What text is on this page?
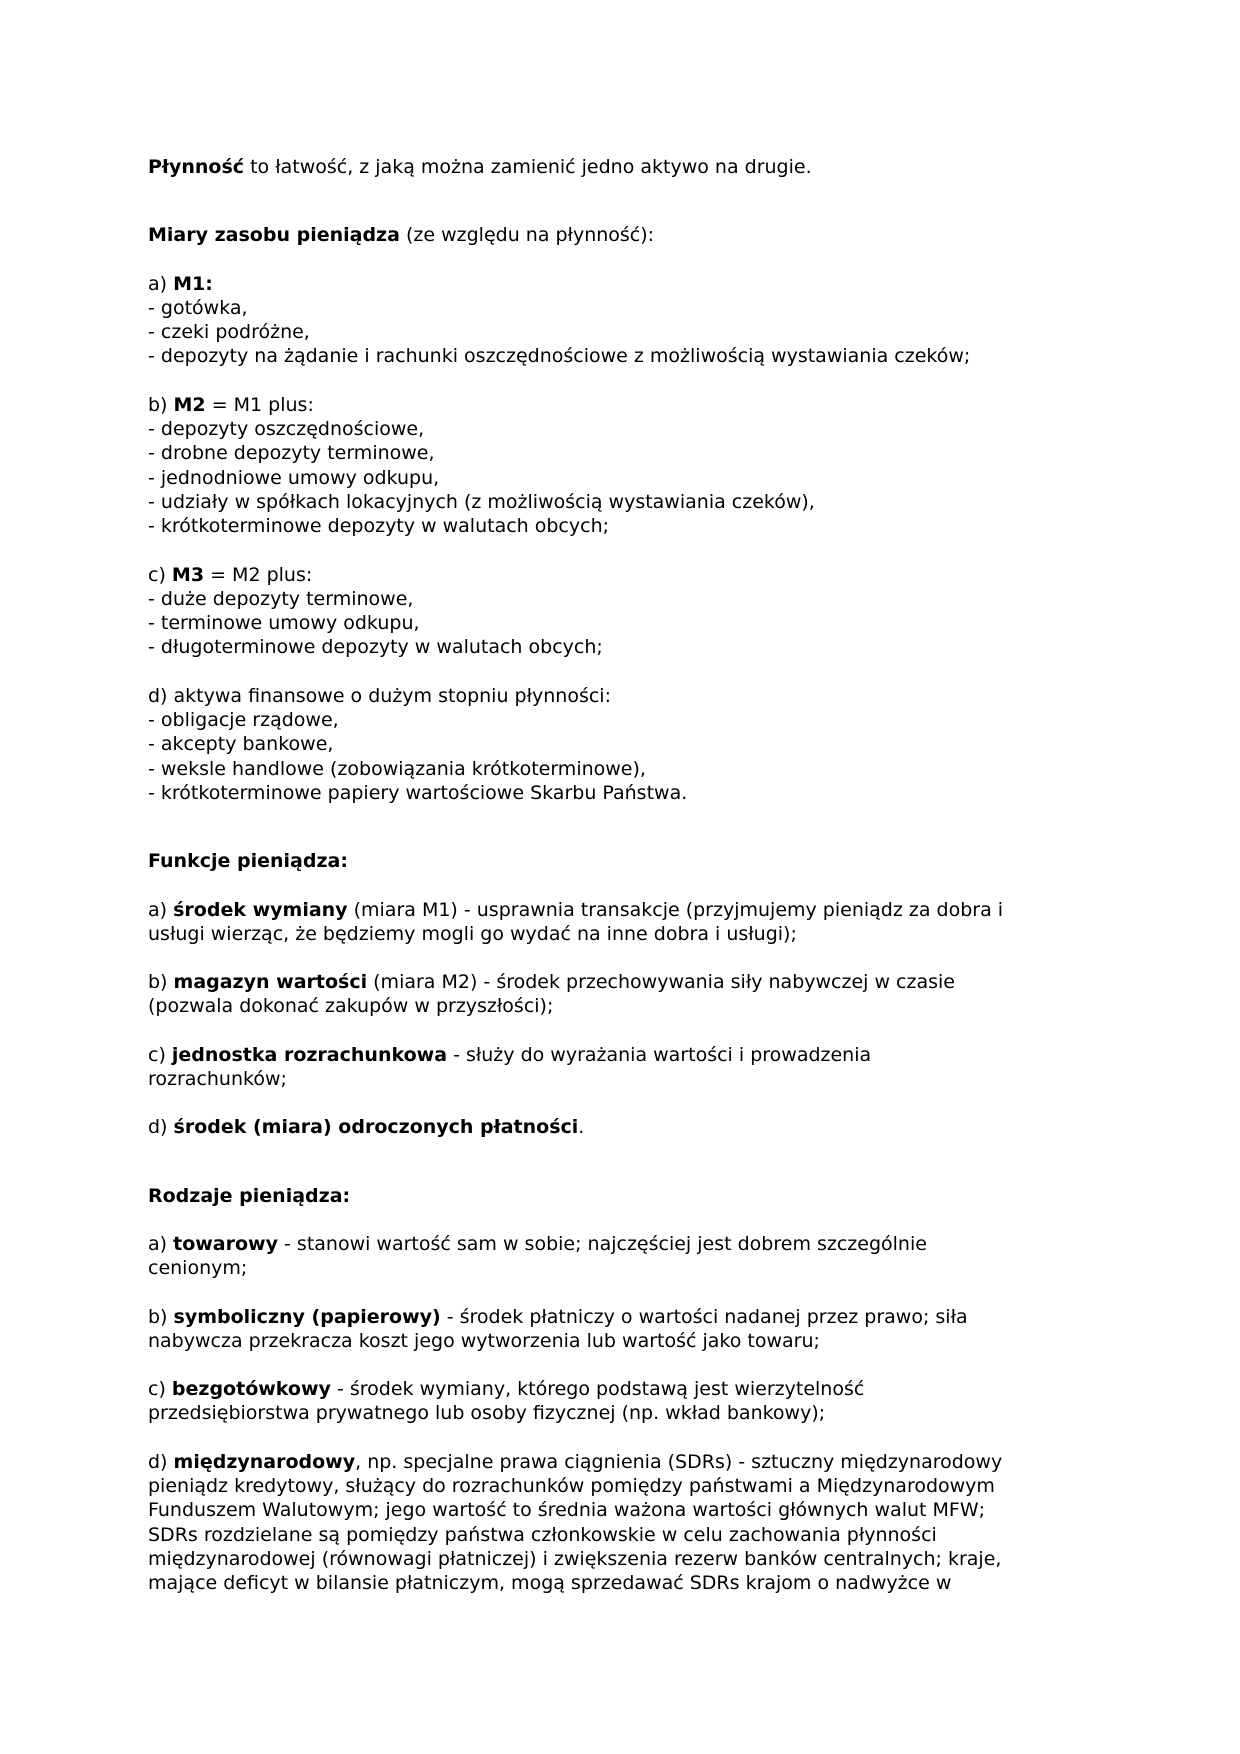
Płynność to łatwość, z jaką można zamienić jedno aktywo na drugie.

Miary zasobu pieniądza (ze względu na płynność):

a) M1:

- gotówka,

- czeki podróżne,

- depozyty na żądanie i rachunki oszczędnościowe z możliwością wystawiania czeków;

b) M2 = M1 plus:

- depozyty oszczędnościowe,

- drobne depozyty terminowe,

- jednodniowe umowy odkupu,

- udziały w spółkach lokacyjnych (z możliwością wystawiania czeków),

- krótkoterminowe depozyty w walutach obcych;

c) M3 = M2 plus:

- duże depozyty terminowe,

- terminowe umowy odkupu,

- długoterminowe depozyty w walutach obcych;

d) aktywa finansowe o dużym stopniu płynności:

- obligacje rządowe,

- akcepty bankowe,

- weksle handlowe (zobowiązania krótkoterminowe),

- krótkoterminowe papiery wartościowe Skarbu Państwa.

Funkcje pieniądza:

a) środek wymiany (miara M1) - usprawnia transakcje (przyjmujemy pieniądz za dobra i

usługi wierząc, że będziemy mogli go wydać na inne dobra i usługi);

b) magazyn wartości (miara M2) - środek przechowywania siły nabywczej w czasie

(pozwala dokonać zakupów w przyszłości);

c) jednostka rozrachunkowa - służy do wyrażania wartości i prowadzenia

rozrachunków;

d) środek (miara) odroczonych płatności.

Rodzaje pieniądza:

a) towarowy - stanowi wartość sam w sobie; najczęściej jest dobrem szczególnie

cenionym;

b) symboliczny (papierowy) - środek płatniczy o wartości nadanej przez prawo; siła

nabywcza przekracza koszt jego wytworzenia lub wartość jako towaru;

c) bezgotówkowy - środek wymiany, którego podstawą jest wierzytelność

przedsiębiorstwa prywatnego lub osoby fizycznej (np. wkład bankowy);

d) międzynarodowy, np. specjalne prawa ciągnienia (SDRs) - sztuczny międzynarodowy

pieniądz kredytowy, służący do rozrachunków pomiędzy państwami a Międzynarodowym

Funduszem Walutowym; jego wartość to średnia ważona wartości głównych walut MFW;

SDRs rozdzielane są pomiędzy państwa członkowskie w celu zachowania płynności

międzynarodowej (równowagi płatniczej) i zwiększenia rezerw banków centralnych; kraje,

mające deficyt w bilansie płatniczym, mogą sprzedawać SDRs krajom o nadwyżce w
